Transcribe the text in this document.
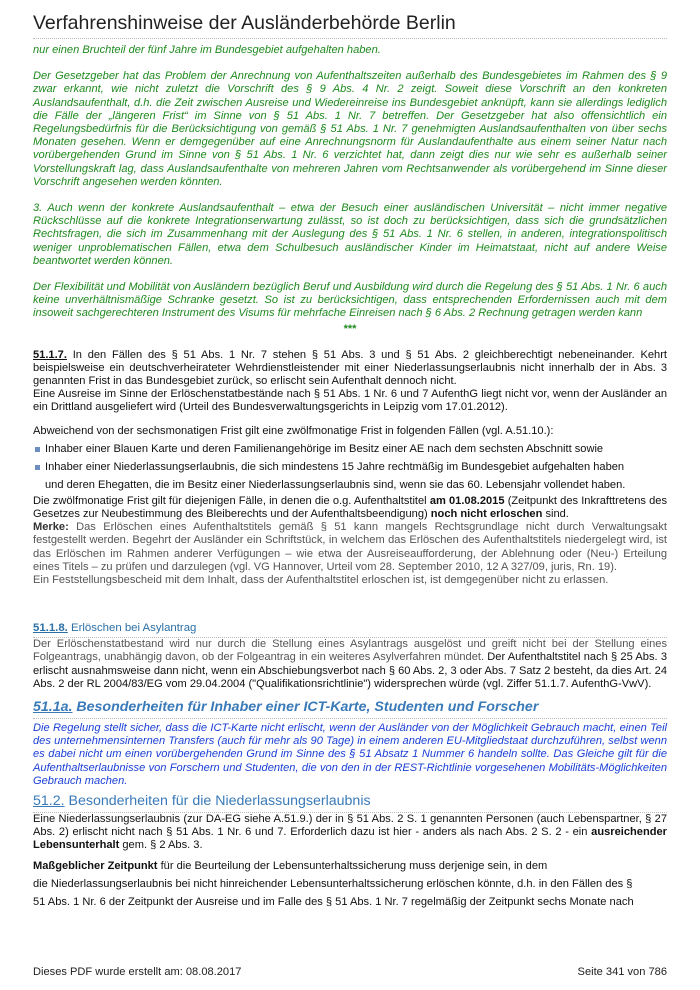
Verfahrenshinweise der Ausländerbehörde Berlin

nur einen Bruchteil der fünf Jahre im Bundesgebiet aufgehalten haben.

Der Gesetzgeber hat das Problem der Anrechnung von Aufenthaltszeiten außerhalb des Bundesgebietes im Rahmen des § 9 zwar erkannt, wie nicht zuletzt die Vorschrift des § 9 Abs. 4 Nr. 2 zeigt. Soweit diese Vorschrift an den konkreten Auslandsaufenthalt, d.h. die Zeit zwischen Ausreise und Wiedereinreise ins Bundesgebiet anknüpft, kann sie allerdings lediglich die Fälle der „längeren Frist“ im Sinne von § 51 Abs. 1 Nr. 7 betreffen. Der Gesetzgeber hat also offensichtlich ein Regelungsbedürfnis für die Berücksichtigung von gemäß § 51 Abs. 1 Nr. 7 genehmigten Auslandsaufenthalten von über sechs Monaten gesehen. Wenn er demgegenüber auf eine Anrechnungsnorm für Auslandaufenthalte aus einem seiner Natur nach vorübergehenden Grund im Sinne von § 51 Abs. 1 Nr. 6 verzichtet hat, dann zeigt dies nur wie sehr es außerhalb seiner Vorstellungskraft lag, dass Auslandsaufenthalte von mehreren Jahren vom Rechtsanwender als vorübergehend im Sinne dieser Vorschrift angesehen werden könnten.

3. Auch wenn der konkrete Auslandsaufenthalt – etwa der Besuch einer ausländischen Universität – nicht immer negative Rückschlüsse auf die konkrete Integrationserwartung zulässt, so ist doch zu berücksichtigen, dass sich die grundsätzlichen Rechtsfragen, die sich im Zusammenhang mit der Auslegung des § 51 Abs. 1 Nr. 6 stellen, in anderen, integrationspolitisch weniger unproblematischen Fällen, etwa dem Schulbesuch ausländischer Kinder im Heimatstaat, nicht auf andere Weise beantwortet werden können.

Der Flexibilität und Mobilität von Ausländern bezüglich Beruf und Ausbildung wird durch die Regelung des § 51 Abs. 1 Nr. 6 auch keine unverhältnismäßige Schranke gesetzt. So ist zu berücksichtigen, dass entsprechenden Erfordernissen auch mit dem insoweit sachgerechteren Instrument des Visums für mehrfache Einreisen nach § 6 Abs. 2 Rechnung getragen werden kann

***

51.1.7. In den Fällen des § 51 Abs. 1 Nr. 7 stehen § 51 Abs. 3 und § 51 Abs. 2 gleichberechtigt nebeneinander. Kehrt beispielsweise ein deutschverheirateter Wehrdienstleistender mit einer Niederlassungserlaubnis nicht innerhalb der in Abs. 3 genannten Frist in das Bundesgebiet zurück, so erlischt sein Aufenthalt dennoch nicht.

Eine Ausreise im Sinne der Erlöschenstatbestände nach § 51 Abs. 1 Nr. 6 und 7 AufenthG liegt nicht vor, wenn der Ausländer an ein Drittland ausgeliefert wird (Urteil des Bundesverwaltungsgerichts in Leipzig vom 17.01.2012).

Abweichend von der sechsmonatigen Frist gilt eine zwölfmonatige Frist in folgenden Fällen (vgl. A.51.10.):

Inhaber einer Blauen Karte und deren Familienangehörige im Besitz einer AE nach dem sechsten Abschnitt sowie
Inhaber einer Niederlassungserlaubnis, die sich mindestens 15 Jahre rechtmäßig im Bundesgebiet aufgehalten haben
und deren Ehegatten, die im Besitz einer Niederlassungserlaubnis sind, wenn sie das 60. Lebensjahr vollendet haben.

Die zwölfmonatige Frist gilt für diejenigen Fälle, in denen die o.g. Aufenthaltstitel am 01.08.2015 (Zeitpunkt des Inkrafttretens des Gesetzes zur Neubestimmung des Bleiberechts und der Aufenthaltsbeendigung) noch nicht erloschen sind.

Merke: Das Erlöschen eines Aufenthaltstitels gemäß § 51 kann mangels Rechtsgrundlage nicht durch Verwaltungsakt festgestellt werden. Begehrt der Ausländer ein Schriftstück, in welchem das Erlöschen des Aufenthaltstitels niedergelegt wird, ist das Erlöschen im Rahmen anderer Verfügungen – wie etwa der Ausreiseaufforderung, der Ablehnung oder (Neu-) Erteilung eines Titels – zu prüfen und darzulegen (vgl. VG Hannover, Urteil vom 28. September 2010, 12 A 327/09, juris, Rn. 19).

Ein Feststellungsbescheid mit dem Inhalt, dass der Aufenthaltstitel erloschen ist, ist demgegenüber nicht zu erlassen.

51.1.8. Erlöschen bei Asylantrag

Der Erlöschenstatbestand wird nur durch die Stellung eines Asylantrags ausgelöst und greift nicht bei der Stellung eines Folgeantrags, unabhängig davon, ob der Folgeantrag in ein weiteres Asylverfahren mündet. Der Aufenthaltstitel nach § 25 Abs. 3 erlischt ausnahmsweise dann nicht, wenn ein Abschiebungsverbot nach § 60 Abs. 2, 3 oder Abs. 7 Satz 2 besteht, da dies Art. 24 Abs. 2 der RL 2004/83/EG vom 29.04.2004 ("Qualifikationsrichtlinie") widersprechen würde (vgl. Ziffer 51.1.7. AufenthG-VwV).

51.1a. Besonderheiten für Inhaber einer ICT-Karte, Studenten und Forscher

Die Regelung stellt sicher, dass die ICT-Karte nicht erlischt, wenn der Ausländer von der Möglichkeit Gebrauch macht, einen Teil des unternehmensinternen Transfers (auch für mehr als 90 Tage) in einem anderen EU-Mitgliedstaat durchzuführen, selbst wenn es dabei nicht um einen vorübergehenden Grund im Sinne des § 51 Absatz 1 Nummer 6 handeln sollte. Das Gleiche gilt für die Aufenthaltserlaubnisse von Forschern und Studenten, die von den in der REST-Richtlinie vorgesehenen Mobilitäts-Möglichkeiten Gebrauch machen.

51.2. Besonderheiten für die Niederlassungserlaubnis

Eine Niederlassungserlaubnis (zur DA-EG siehe A.51.9.) der in § 51 Abs. 2 S. 1 genannten Personen (auch Lebenspartner, § 27 Abs. 2) erlischt nicht nach § 51 Abs. 1 Nr. 6 und 7. Erforderlich dazu ist hier - anders als nach Abs. 2 S. 2 - ein ausreichender Lebensunterhalt gem. § 2 Abs. 3.

Maßgeblicher Zeitpunkt für die Beurteilung der Lebensunterhaltssicherung muss derjenige sein, in dem

die Niederlassungserlaubnis bei nicht hinreichender Lebensunterhaltssicherung erlöschen könnte, d.h. in den Fällen des §

51 Abs. 1 Nr. 6 der Zeitpunkt der Ausreise und im Falle des § 51 Abs. 1 Nr. 7 regelmäßig der Zeitpunkt sechs Monate nach

Dieses PDF wurde erstellt am: 08.08.2017	Seite 341 von 786
